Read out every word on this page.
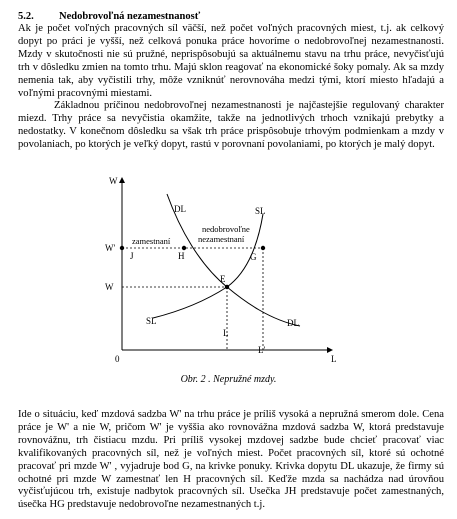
5.2. Nedobrovoľná nezamestnanosť

Ak je počet voľných pracovných síl väčší, než počet voľných pracovných miest, t.j. ak celkový dopyt po práci je vyšší, než celková ponuka práce hovoríme o nedobrovoľnej nezamestnanosti. Mzdy v skutočnosti nie sú pružné, neprispôsobujú sa aktuálnemu stavu na trhu práce, nevyčisťujú trh v dôsledku zmien na tomto trhu. Majú sklon reagovať na ekonomické šoky pomaly. Ak sa mzdy nemenia tak, aby vyčistili trhy, môže vzniknúť nerovnováha medzi tými, ktorí miesto hľadajú a voľnými pracovnými miestami.

Základnou príčinou nedobrovoľnej nezamestnanosti je najčastejšie regulovaný charakter miezd. Trhy práce sa nevyčistia okamžite, takže na jednotlivých trhoch vznikajú prebytky a nedostatky. V konečnom dôsledku sa však trh práce prispôsobuje trhovým podmienkam a mzdy v povolaniach, po ktorých je veľký dopyt, rastú v porovnaní povolaniami, po ktorých je malý dopyt.

W
L
0
W'
W
L
L'
DL
DL
SL
SL
J	H	G
E
zamestnaní
nedobrovoľne
nezamestnaní
Obr. 2 . Nepružné mzdy.

Ide o situáciu, keď mzdová sadzba W' na trhu práce je príliš vysoká a nepružná smerom dole. Cena práce je W' a nie W, pričom W' je vyššia ako rovnovážna mzdová sadzba W, ktorá predstavuje rovnovážnu, trh čistiacu mzdu. Pri príliš vysokej mzdovej sadzbe bude chcieť pracovať viac kvalifikovaných pracovných síl, než je voľných miest. Počet pracovných síl, ktoré sú ochotné pracovať pri mzde W' , vyjadruje bod G, na krivke ponuky. Krivka dopytu DL ukazuje, že firmy sú ochotné pri mzde W zamestnať len H pracovných síl. Keďže mzda sa nachádza nad úrovňou vyčisťujúcou trh, existuje nadbytok pracovných síl. Usečka JH predstavuje počet zamestnaných, úsečka HG predstavuje nedobrovoľne nezamestnaných t.j.
